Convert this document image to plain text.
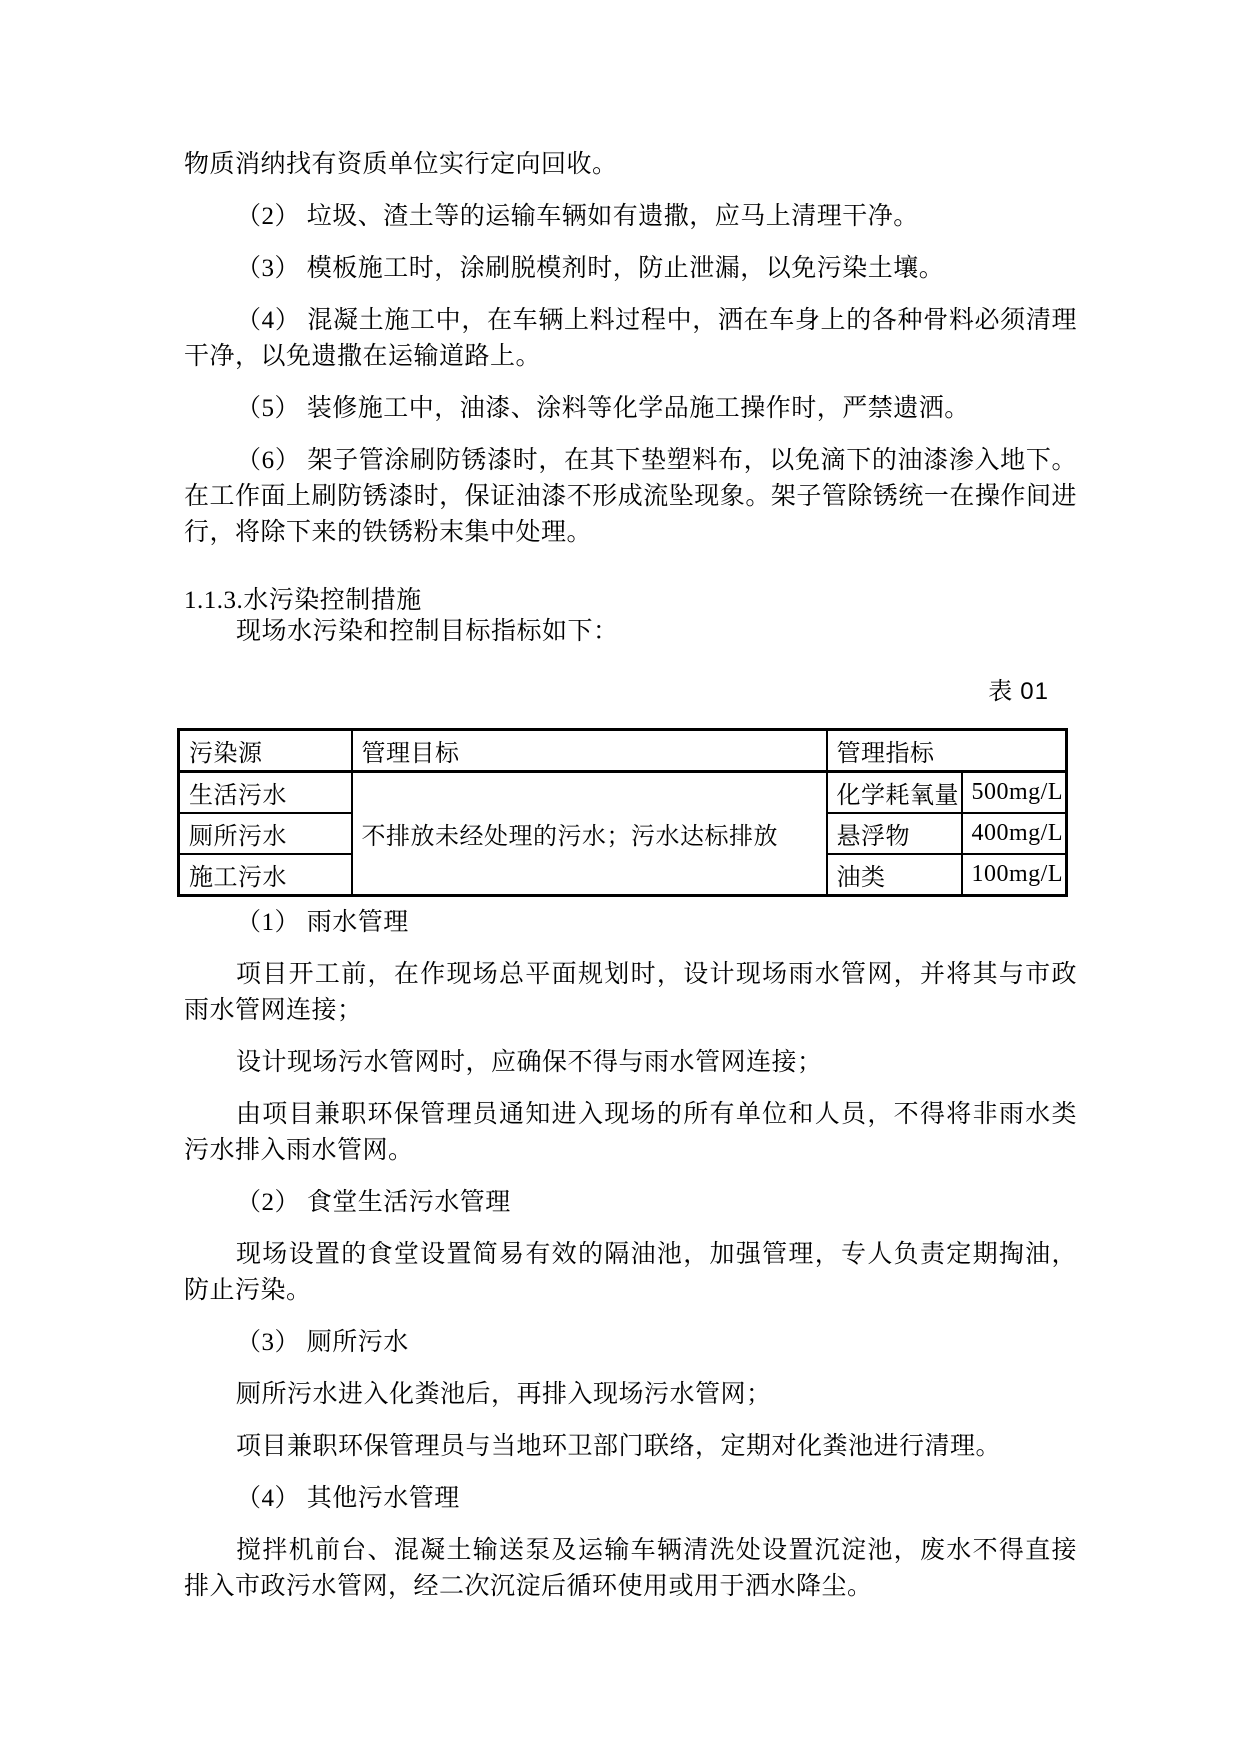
物质消纳找有资质单位实行定向回收。

（2） 垃圾、渣土等的运输车辆如有遗撒，应马上清理干净。

（3） 模板施工时，涂刷脱模剂时，防止泄漏，以免污染土壤。

（4） 混凝土施工中，在车辆上料过程中，洒在车身上的各种骨料必须清理干净，以免遗撒在运输道路上。

（5） 装修施工中，油漆、涂料等化学品施工操作时，严禁遗洒。

（6） 架子管涂刷防锈漆时，在其下垫塑料布，以免滴下的油漆渗入地下。在工作面上刷防锈漆时，保证油漆不形成流坠现象。架子管除锈统一在操作间进行，将除下来的铁锈粉末集中处理。

1.1.3.水污染控制措施

现场水污染和控制目标指标如下：

表 01

污染源	管理目标	管理指标	
生活污水	不排放未经处理的污水；污水达标排放	化学耗氧量	500mg/L
厕所污水		悬浮物	400mg/L
施工污水		油类	100mg/L

（1） 雨水管理

项目开工前，在作现场总平面规划时，设计现场雨水管网，并将其与市政雨水管网连接；

设计现场污水管网时，应确保不得与雨水管网连接；

由项目兼职环保管理员通知进入现场的所有单位和人员，不得将非雨水类污水排入雨水管网。

（2） 食堂生活污水管理

现场设置的食堂设置简易有效的隔油池，加强管理，专人负责定期掏油，防止污染。

（3） 厕所污水

厕所污水进入化粪池后，再排入现场污水管网；

项目兼职环保管理员与当地环卫部门联络，定期对化粪池进行清理。

（4） 其他污水管理

搅拌机前台、混凝土输送泵及运输车辆清洗处设置沉淀池，废水不得直接排入市政污水管网，经二次沉淀后循环使用或用于洒水降尘。
